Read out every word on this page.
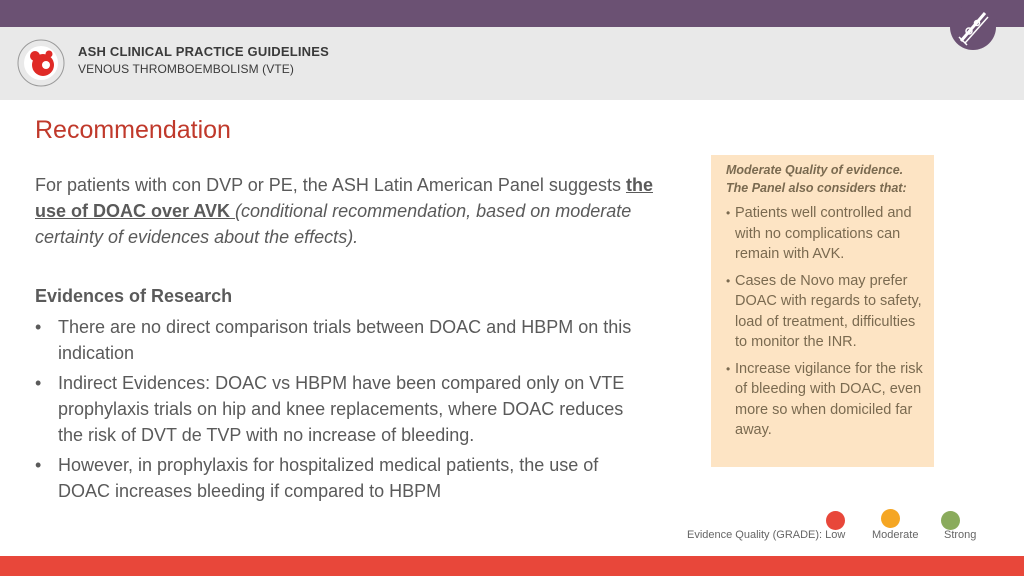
ASH CLINICAL PRACTICE GUIDELINES
VENOUS THROMBOEMBOLISM (VTE)
Recommendation
For patients with con DVP or PE, the ASH Latin American Panel suggests the use of DOAC over AVK (conditional recommendation, based on moderate certainty of evidences about the effects).
Evidences of Research
• There are no direct comparison trials between DOAC and HBPM on this indication
• Indirect Evidences: DOAC vs HBPM have been compared only on VTE prophylaxis trials on hip and knee replacements, where DOAC reduces the risk of DVT de TVP with no increase of bleeding.
• However, in prophylaxis for hospitalized medical patients, the use of DOAC increases bleeding if compared to HBPM
Moderate Quality of evidence.
The Panel also considers that:
• Patients well controlled and with no complications can remain with AVK.
• Cases de Novo may prefer DOAC with regards to safety, load of treatment, difficulties to monitor the INR.
• Increase vigilance for the risk of bleeding with DOAC, even more so when domiciled far away.
Evidence Quality (GRADE): Low Moderate Strong
